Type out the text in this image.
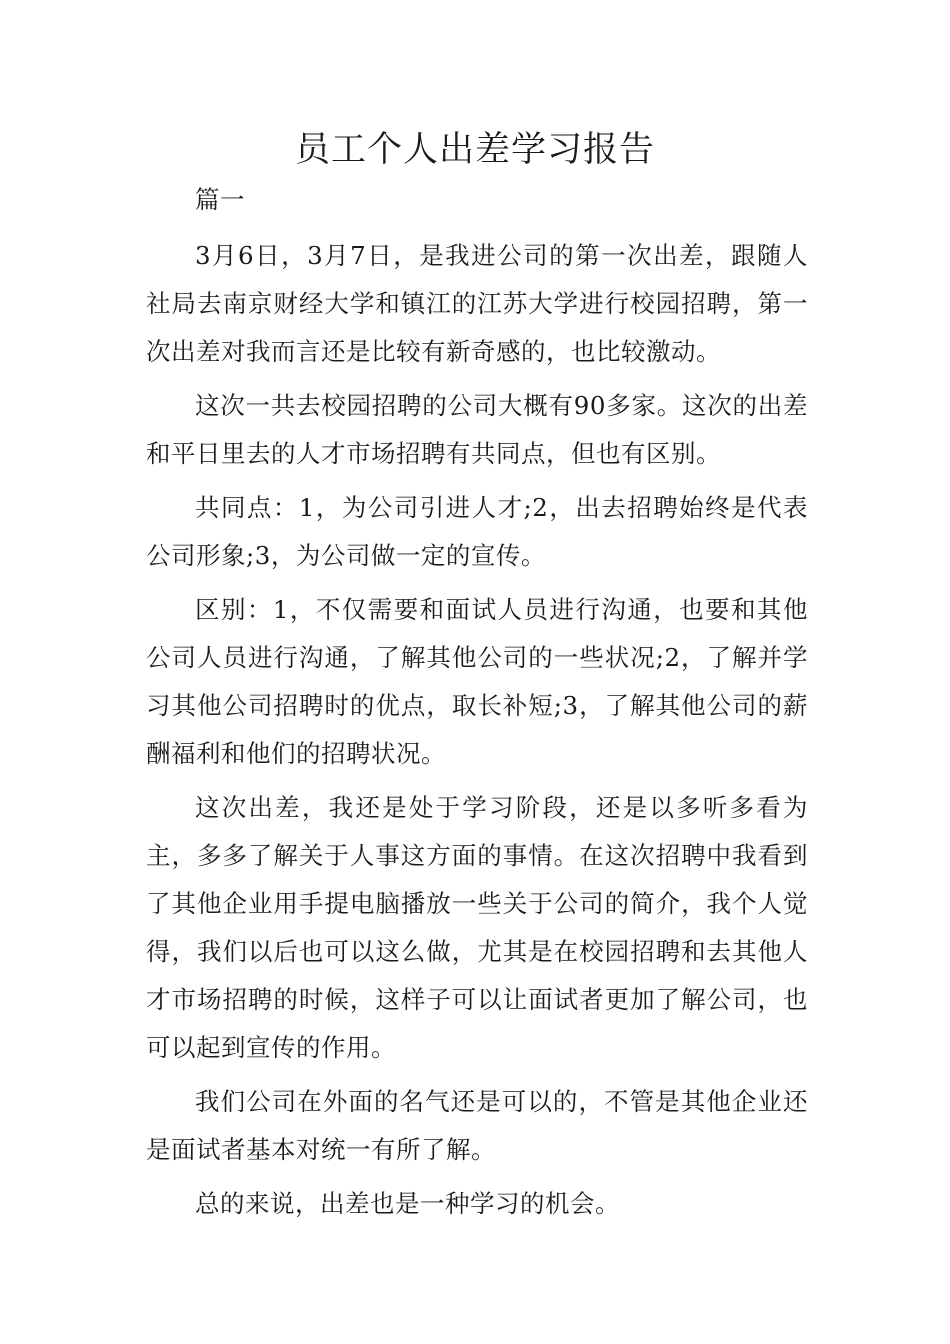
员工个人出差学习报告

篇一

3月6日，3月7日，是我进公司的第一次出差，跟随人社局去南京财经大学和镇江的江苏大学进行校园招聘，第一次出差对我而言还是比较有新奇感的，也比较激动。

这次一共去校园招聘的公司大概有90多家。这次的出差和平日里去的人才市场招聘有共同点，但也有区别。

共同点：1，为公司引进人才;2，出去招聘始终是代表公司形象;3，为公司做一定的宣传。

区别：1，不仅需要和面试人员进行沟通，也要和其他公司人员进行沟通，了解其他公司的一些状况;2，了解并学习其他公司招聘时的优点，取长补短;3，了解其他公司的薪酬福利和他们的招聘状况。

这次出差，我还是处于学习阶段，还是以多听多看为主，多多了解关于人事这方面的事情。在这次招聘中我看到了其他企业用手提电脑播放一些关于公司的简介，我个人觉得，我们以后也可以这么做，尤其是在校园招聘和去其他人才市场招聘的时候，这样子可以让面试者更加了解公司，也可以起到宣传的作用。

我们公司在外面的名气还是可以的，不管是其他企业还是面试者基本对统一有所了解。

总的来说，出差也是一种学习的机会。
